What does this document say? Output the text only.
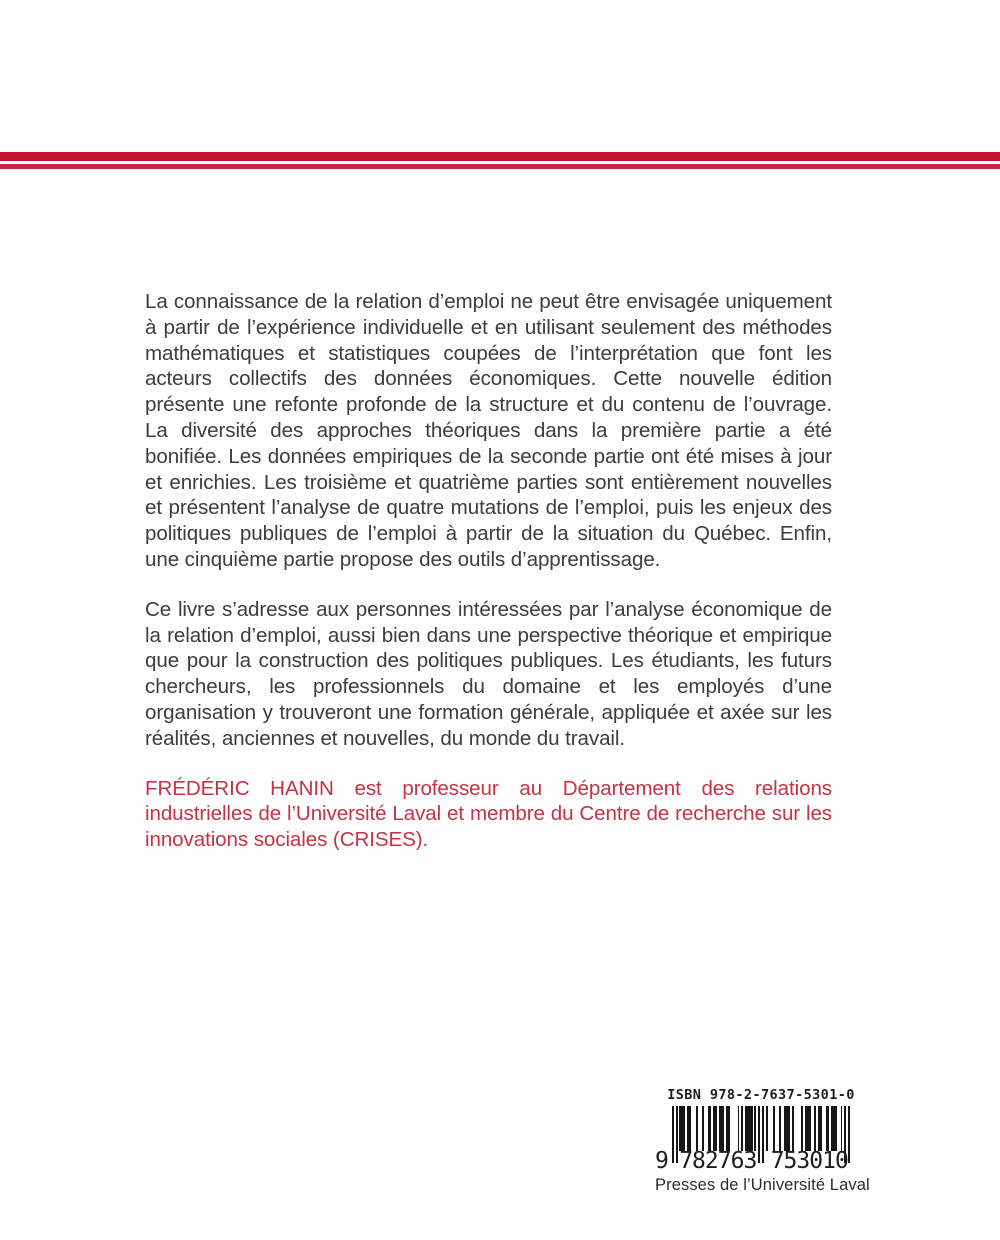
La connaissance de la relation d’emploi ne peut être envisagée uniquement à partir de l’expérience individuelle et en utilisant seulement des méthodes mathématiques et statistiques coupées de l’interprétation que font les acteurs collectifs des données économiques. Cette nouvelle édition présente une refonte profonde de la structure et du contenu de l’ouvrage. La diversité des approches théoriques dans la première partie a été bonifiée. Les données empiriques de la seconde partie ont été mises à jour et enrichies. Les troisième et quatrième parties sont entièrement nouvelles et présentent l’analyse de quatre mutations de l’emploi, puis les enjeux des politiques publiques de l’emploi à partir de la situation du Québec. Enfin, une cinquième partie propose des outils d’apprentissage.

Ce livre s’adresse aux personnes intéressées par l’analyse économique de la relation d’emploi, aussi bien dans une perspective théorique et empirique que pour la construction des politiques publiques. Les étudiants, les futurs chercheurs, les professionnels du domaine et les employés d’une organisation y trouveront une formation générale, appliquée et axée sur les réalités, anciennes et nouvelles, du monde du travail.

FRÉDÉRIC HANIN est professeur au Département des relations industrielles de l’Université Laval et membre du Centre de recherche sur les innovations sociales (CRISES).

ISBN 978-2-7637-5301-0
9 782763 753010
Presses de l’Université Laval
